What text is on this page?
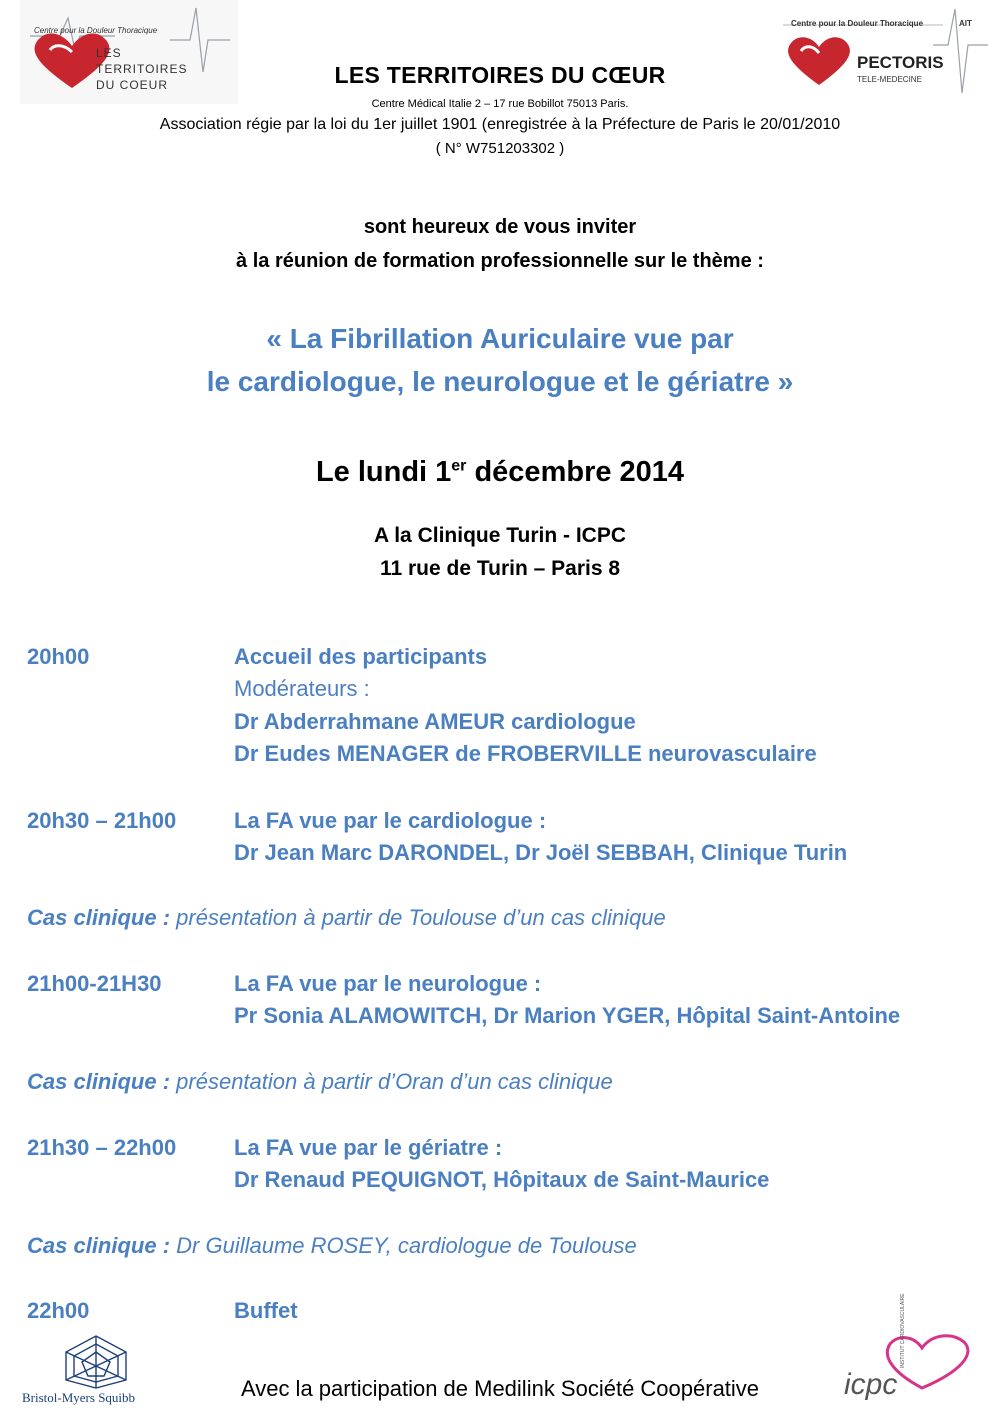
Centre pour la Douleur Thoracique
LES
TERRITOIRES
DU COEUR
Centre pour la Douleur Thoracique	AIT
PECTORIS
TELE-MEDECINE
LES TERRITOIRES DU CŒUR
Centre Médical Italie 2 – 17 rue Bobillot 75013 Paris.
Association régie par la loi du 1er juillet 1901 (enregistrée à la Préfecture de Paris le 20/01/2010
( N° W751203302 )
sont heureux de vous inviter
à la réunion de formation professionnelle sur le thème :
« La Fibrillation Auriculaire vue par
le cardiologue, le neurologue et le gériatre »
Le lundi 1er décembre 2014
A la Clinique Turin - ICPC
11 rue de Turin – Paris 8
20h00	Accueil des participants
Modérateurs :
Dr Abderrahmane AMEUR cardiologue
Dr Eudes MENAGER de FROBERVILLE neurovasculaire
20h30 – 21h00	La FA vue par le cardiologue :
Dr Jean Marc DARONDEL, Dr Joël SEBBAH, Clinique Turin
Cas clinique : présentation à partir de Toulouse d’un cas clinique
21h00-21H30	La FA vue par le neurologue :
Pr Sonia ALAMOWITCH, Dr Marion YGER, Hôpital Saint-Antoine
Cas clinique : présentation à partir d’Oran d’un cas clinique
21h30 – 22h00	La FA vue par le gériatre :
Dr Renaud PEQUIGNOT, Hôpitaux de Saint-Maurice
Cas clinique : Dr Guillaume ROSEY, cardiologue de Toulouse
22h00	Buffet
Bristol-Myers Squibb	Avec la participation de Medilink Société Coopérative	icpc
INSTITUT CARDIOVASCULAIRE
